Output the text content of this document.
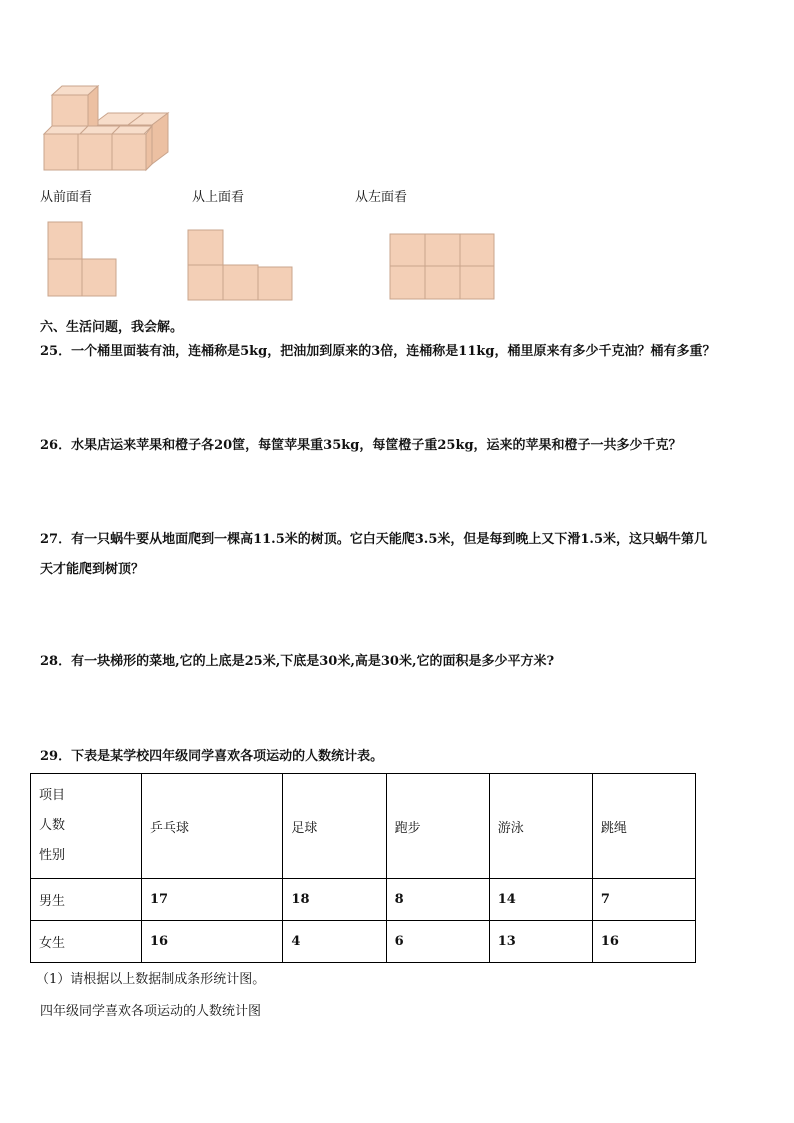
从前面看	从上面看	从左面看
六、生活问题，我会解。
25．一个桶里面装有油，连桶称是5kg，把油加到原来的3倍，连桶称是11kg，桶里原来有多少千克油？桶有多重？
26．水果店运来苹果和橙子各20筐，每筐苹果重35kg，每筐橙子重25kg，运来的苹果和橙子一共多少千克？
27．有一只蜗牛要从地面爬到一棵高11.5米的树顶。它白天能爬3.5米，但是每到晚上又下滑1.5米，这只蜗牛第几
天才能爬到树顶？
28．有一块梯形的菜地,它的上底是25米,下底是30米,高是30米,它的面积是多少平方米?
29．下表是某学校四年级同学喜欢各项运动的人数统计表。
项目
人数
性别	乒乓球	足球	跑步	游泳	跳绳
男生	17	18	8	14	7
女生	16	4	6	13	16
（1）请根据以上数据制成条形统计图。
四年级同学喜欢各项运动的人数统计图
